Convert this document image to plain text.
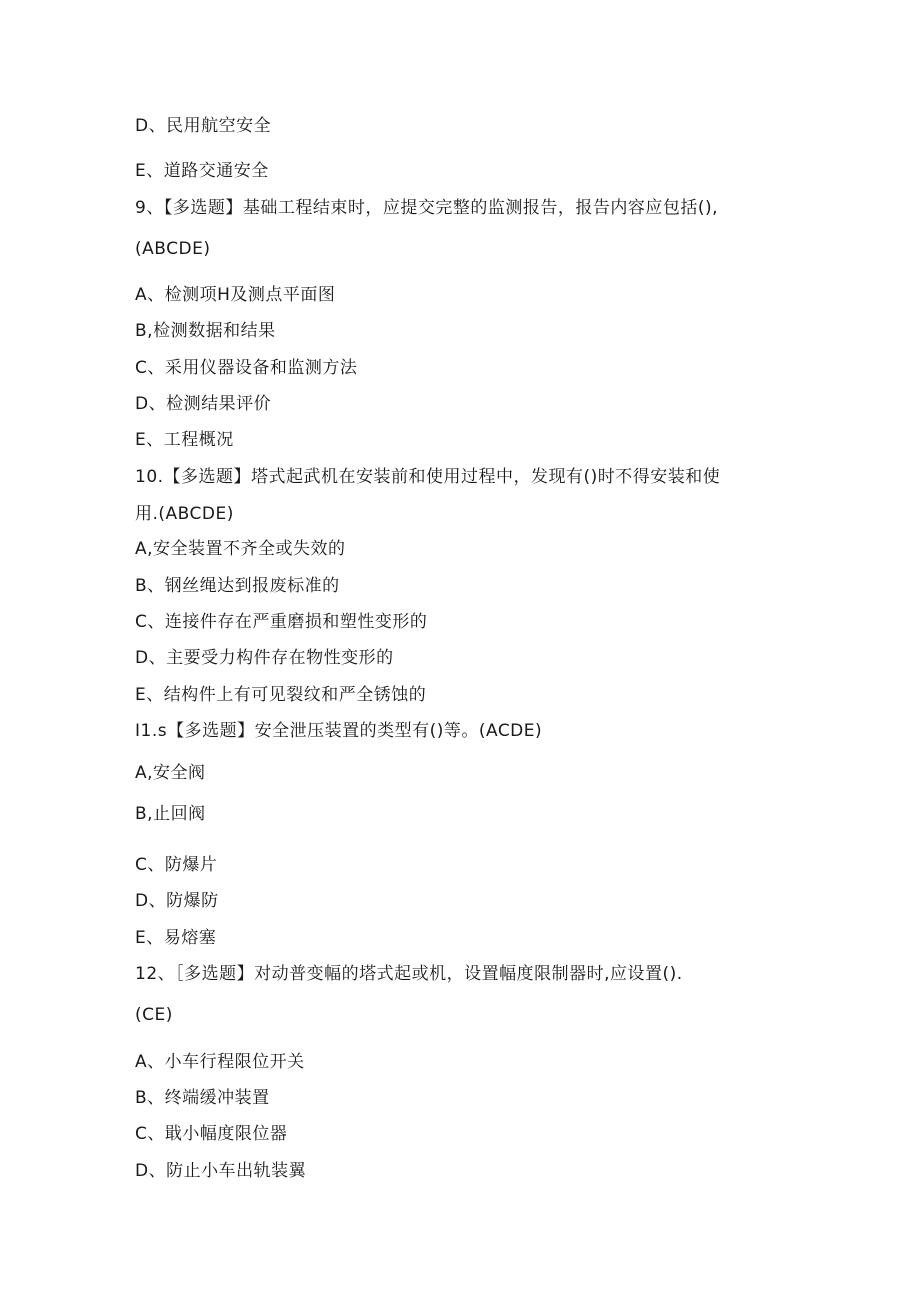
D、民用航空安全
E、道路交通安全
9、【多选题】基础工程结束时，应提交完整的监测报告，报告内容应包括(),
(ABCDE)
A、检测项H及测点平面图
B,检测数据和结果
C、采用仪器设备和监测方法
D、检测结果评价
E、工程概况
10.【多选题】塔式起武机在安装前和使用过程中，发现有()时不得安装和使
用.(ABCDE)
A,安全装置不齐全或失效的
B、钢丝绳达到报废标准的
C、连接件存在严重磨损和塑性变形的
D、主要受力构件存在物性变形的
E、结构件上有可见裂纹和严全锈蚀的
I1.s【多选题】安全泄压装置的类型有()等。(ACDE)
A,安全阀
B,止回阀
C、防爆片
D、防爆防
E、易熔塞
12、［多选题】对动普变幅的塔式起或机，设置幅度限制器时,应设置().
(CE)
A、小车行程限位开关
B、终端缓冲装置
C、戢小幅度限位器
D、防止小车出轨装翼
